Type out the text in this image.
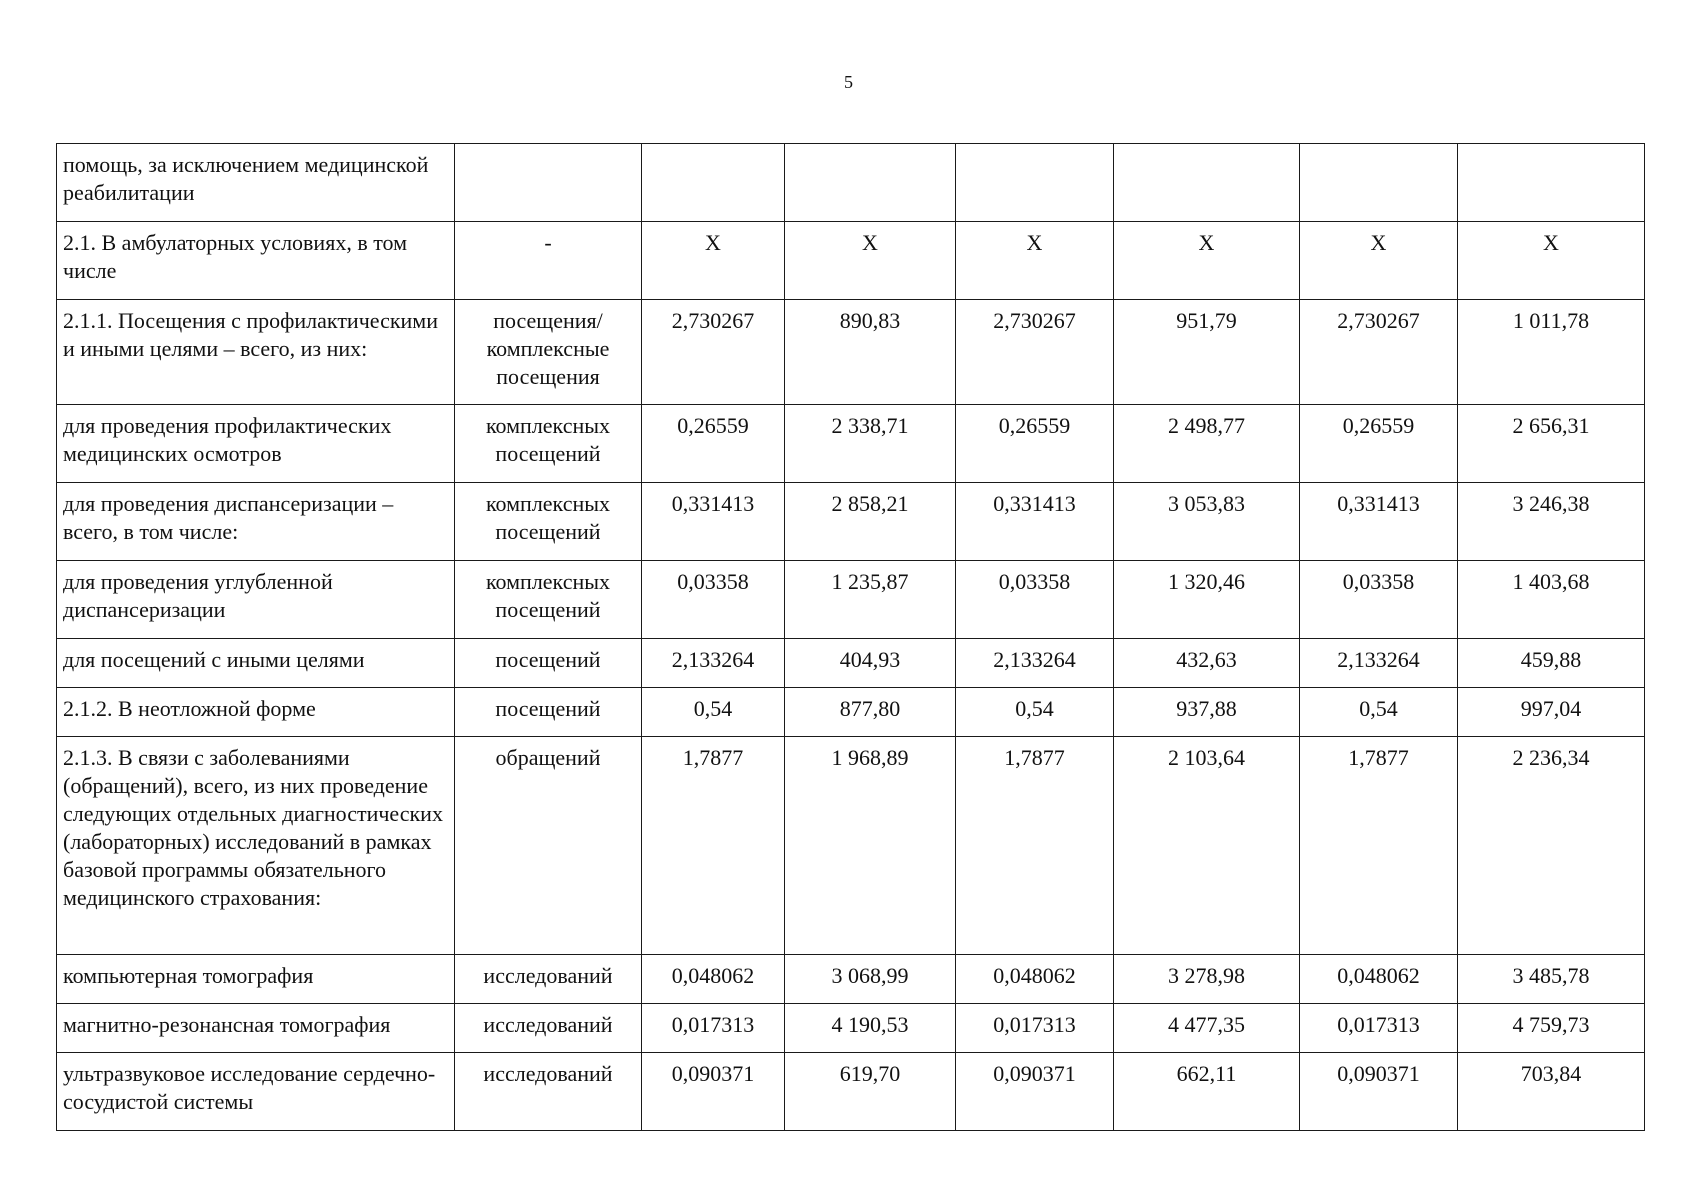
5
помощь, за исключением медицинской реабилитации							
2.1. В амбулаторных условиях, в том числе	-	Х	Х	Х	Х	Х	Х
2.1.1. Посещения с профилактическими и иными целями – всего, из них:	посещения/ комплексные посещения	2,730267	890,83	2,730267	951,79	2,730267	1 011,78
для проведения профилактических медицинских осмотров	комплексных посещений	0,26559	2 338,71	0,26559	2 498,77	0,26559	2 656,31
для проведения диспансеризации – всего, в том числе:	комплексных посещений	0,331413	2 858,21	0,331413	3 053,83	0,331413	3 246,38
для проведения углубленной диспансеризации	комплексных посещений	0,03358	1 235,87	0,03358	1 320,46	0,03358	1 403,68
для посещений с иными целями	посещений	2,133264	404,93	2,133264	432,63	2,133264	459,88
2.1.2. В неотложной форме	посещений	0,54	877,80	0,54	937,88	0,54	997,04
2.1.3. В связи с заболеваниями (обращений), всего, из них проведение следующих отдельных диагностических (лабораторных) исследований в рамках базовой программы обязательного медицинского страхования:	обращений	1,7877	1 968,89	1,7877	2 103,64	1,7877	2 236,34
компьютерная томография	исследований	0,048062	3 068,99	0,048062	3 278,98	0,048062	3 485,78
магнитно-резонансная томография	исследований	0,017313	4 190,53	0,017313	4 477,35	0,017313	4 759,73
ультразвуковое исследование сердечно-сосудистой системы	исследований	0,090371	619,70	0,090371	662,11	0,090371	703,84
